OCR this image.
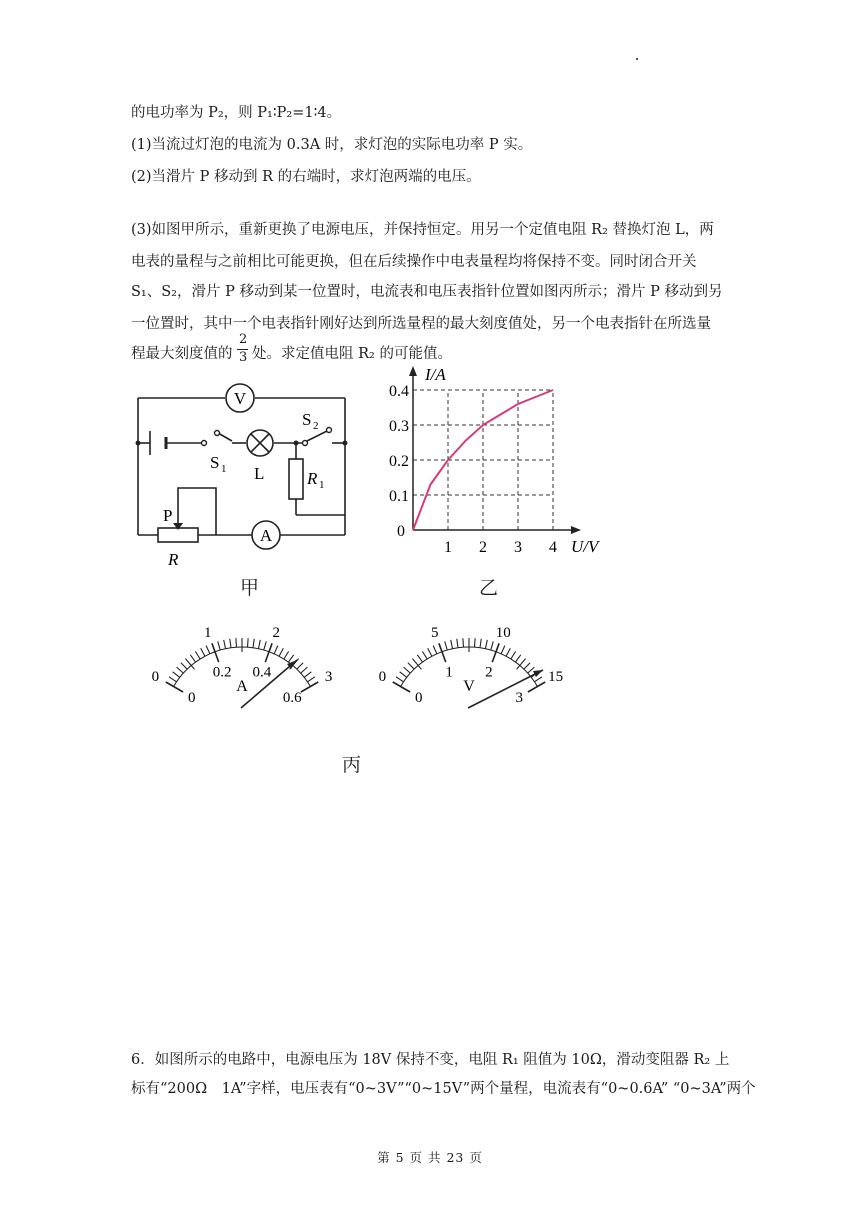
的电功率为 P₂，则 P₁∶P₂=1∶4。
(1)当流过灯泡的电流为 0.3A 时，求灯泡的实际电功率 P 实。
(2)当滑片 P 移动到 R 的右端时，求灯泡两端的电压。
(3)如图甲所示，重新更换了电源电压，并保持恒定。用另一个定值电阻 R₂ 替换灯泡 L，两
电表的量程与之前相比可能更换，但在后续操作中电表量程均将保持不变。同时闭合开关
S₁、S₂，滑片 P 移动到某一位置时，电流表和电压表指针位置如图丙所示；滑片 P 移动到另
一位置时，其中一个电表指针刚好达到所选量程的最大刻度值处，另一个电表指针在所选量
程最大刻度值的
2
3 处。求定值电阻 R₂ 的可能值。
V
A
S 1
S 2
L	R 1
P
R
甲
I/A
U/V
0
1 2 3 4
0.1
0.2
0.3
0.4
乙
0
1	2
3
0
0.2 0.4
0.6
0
5	10
15
0
1 2
3
A	V
丙
6．如图所示的电路中，电源电压为 18V 保持不变，电阻 R₁ 阻值为 10Ω，滑动变阻器 R₂ 上
标有“200Ω　1A”字样，电压表有“0~3V”“0~15V”两个量程，电流表有“0~0.6A” “0~3A”两个
第 5 页 共 23 页
